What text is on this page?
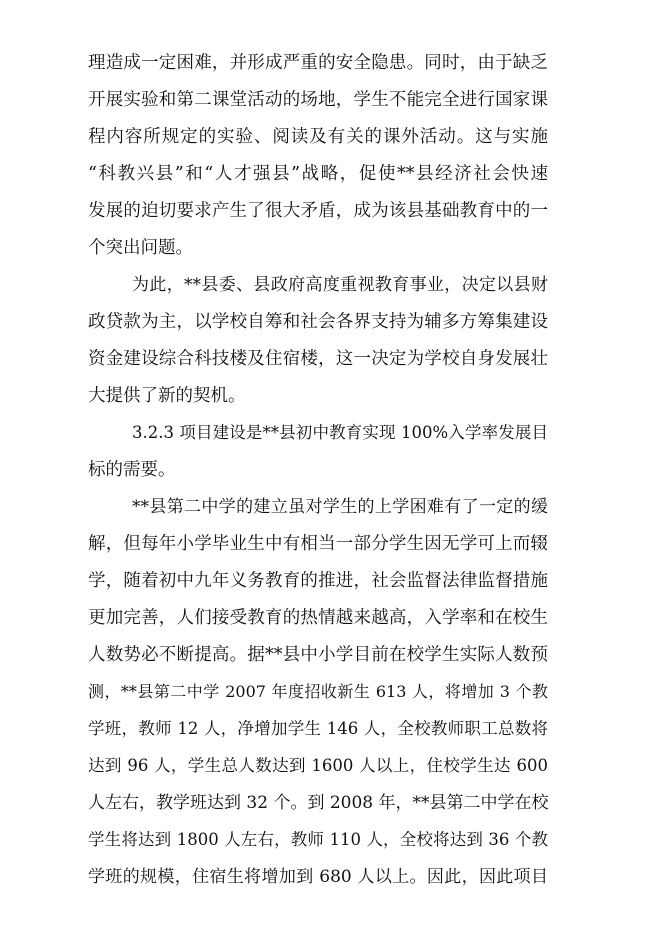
理造成一定困难，并形成严重的安全隐患。同时，由于缺乏
开展实验和第二课堂活动的场地，学生不能完全进行国家课
程内容所规定的实验、阅读及有关的课外活动。这与实施
“科教兴县”和“人才强县”战略，促使**县经济社会快速
发展的迫切要求产生了很大矛盾，成为该县基础教育中的一
个突出问题。
为此，**县委、县政府高度重视教育事业，决定以县财
政贷款为主，以学校自筹和社会各界支持为辅多方筹集建设
资金建设综合科技楼及住宿楼，这一决定为学校自身发展壮
大提供了新的契机。
3.2.3 项目建设是**县初中教育实现 100%入学率发展目
标的需要。
**县第二中学的建立虽对学生的上学困难有了一定的缓
解，但每年小学毕业生中有相当一部分学生因无学可上而辍
学，随着初中九年义务教育的推进，社会监督法律监督措施
更加完善，人们接受教育的热情越来越高，入学率和在校生
人数势必不断提高。据**县中小学目前在校学生实际人数预
测，**县第二中学 2007 年度招收新生 613 人，将增加 3 个教
学班，教师 12 人，净增加学生 146 人，全校教师职工总数将
达到 96 人，学生总人数达到 1600 人以上，住校学生达 600
人左右，教学班达到 32 个。到 2008 年，**县第二中学在校
学生将达到 1800 人左右，教师 110 人，全校将达到 36 个教
学班的规模，住宿生将增加到 680 人以上。因此，因此项目
